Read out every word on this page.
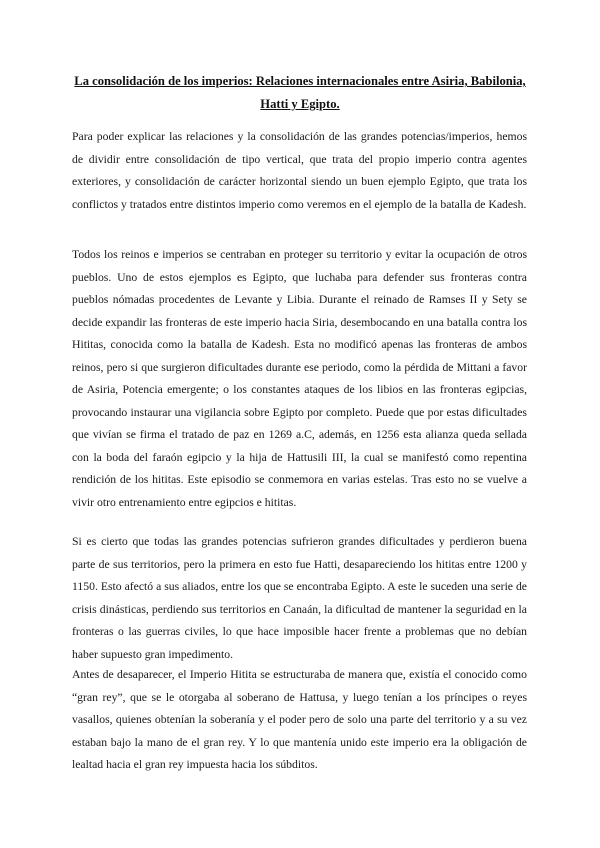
La consolidación de los imperios: Relaciones internacionales entre Asiria, Babilonia, Hatti y Egipto.

Para poder explicar las relaciones y la consolidación de las grandes potencias/imperios, hemos de dividir entre consolidación de tipo vertical, que trata del propio imperio contra agentes exteriores, y consolidación de carácter horizontal siendo un buen ejemplo Egipto, que trata los conflictos y tratados entre distintos imperio como veremos en el ejemplo de la batalla de Kadesh.

Todos los reinos e imperios se centraban en proteger su territorio y evitar la ocupación de otros pueblos. Uno de estos ejemplos es Egipto, que luchaba para defender sus fronteras contra pueblos nómadas procedentes de Levante y Libia. Durante el reinado de Ramses II y Sety se decide expandir las fronteras de este imperio hacia Siria, desembocando en una batalla contra los Hititas, conocida como la batalla de Kadesh. Esta no modificó apenas las fronteras de ambos reinos, pero si que surgieron dificultades durante ese periodo, como la pérdida de Mittani a favor de Asiria, Potencia emergente; o los constantes ataques de los libios en las fronteras egipcias, provocando instaurar una vigilancia sobre Egipto por completo. Puede que por estas dificultades que vivían se firma el tratado de paz en 1269 a.C, además, en 1256 esta alianza queda sellada con la boda del faraón egipcio y la hija de Hattusili III, la cual se manifestó como repentina rendición de los hititas. Este episodio se conmemora en varias estelas. Tras esto no se vuelve a vivir otro entrenamiento entre egipcios e hititas.

Si es cierto que todas las grandes potencias sufrieron grandes dificultades y perdieron buena parte de sus territorios, pero la primera en esto fue Hatti, desapareciendo los hititas entre 1200 y 1150. Esto afectó a sus aliados, entre los que se encontraba Egipto. A este le suceden una serie de crisis dinásticas, perdiendo sus territorios en Canaán, la dificultad de mantener la seguridad en la fronteras o las guerras civiles, lo que hace imposible hacer frente a problemas que no debían haber supuesto gran impedimento.

Antes de desaparecer, el Imperio Hitita se estructuraba de manera que, existía el conocido como “gran rey”, que se le otorgaba al soberano de Hattusa, y luego tenían a los príncipes o reyes vasallos, quienes obtenían la soberanía y el poder pero de solo una parte del territorio y a su vez estaban bajo la mano de el gran rey. Y lo que mantenía unido este imperio era la obligación de lealtad hacia el gran rey impuesta hacia los súbditos.
